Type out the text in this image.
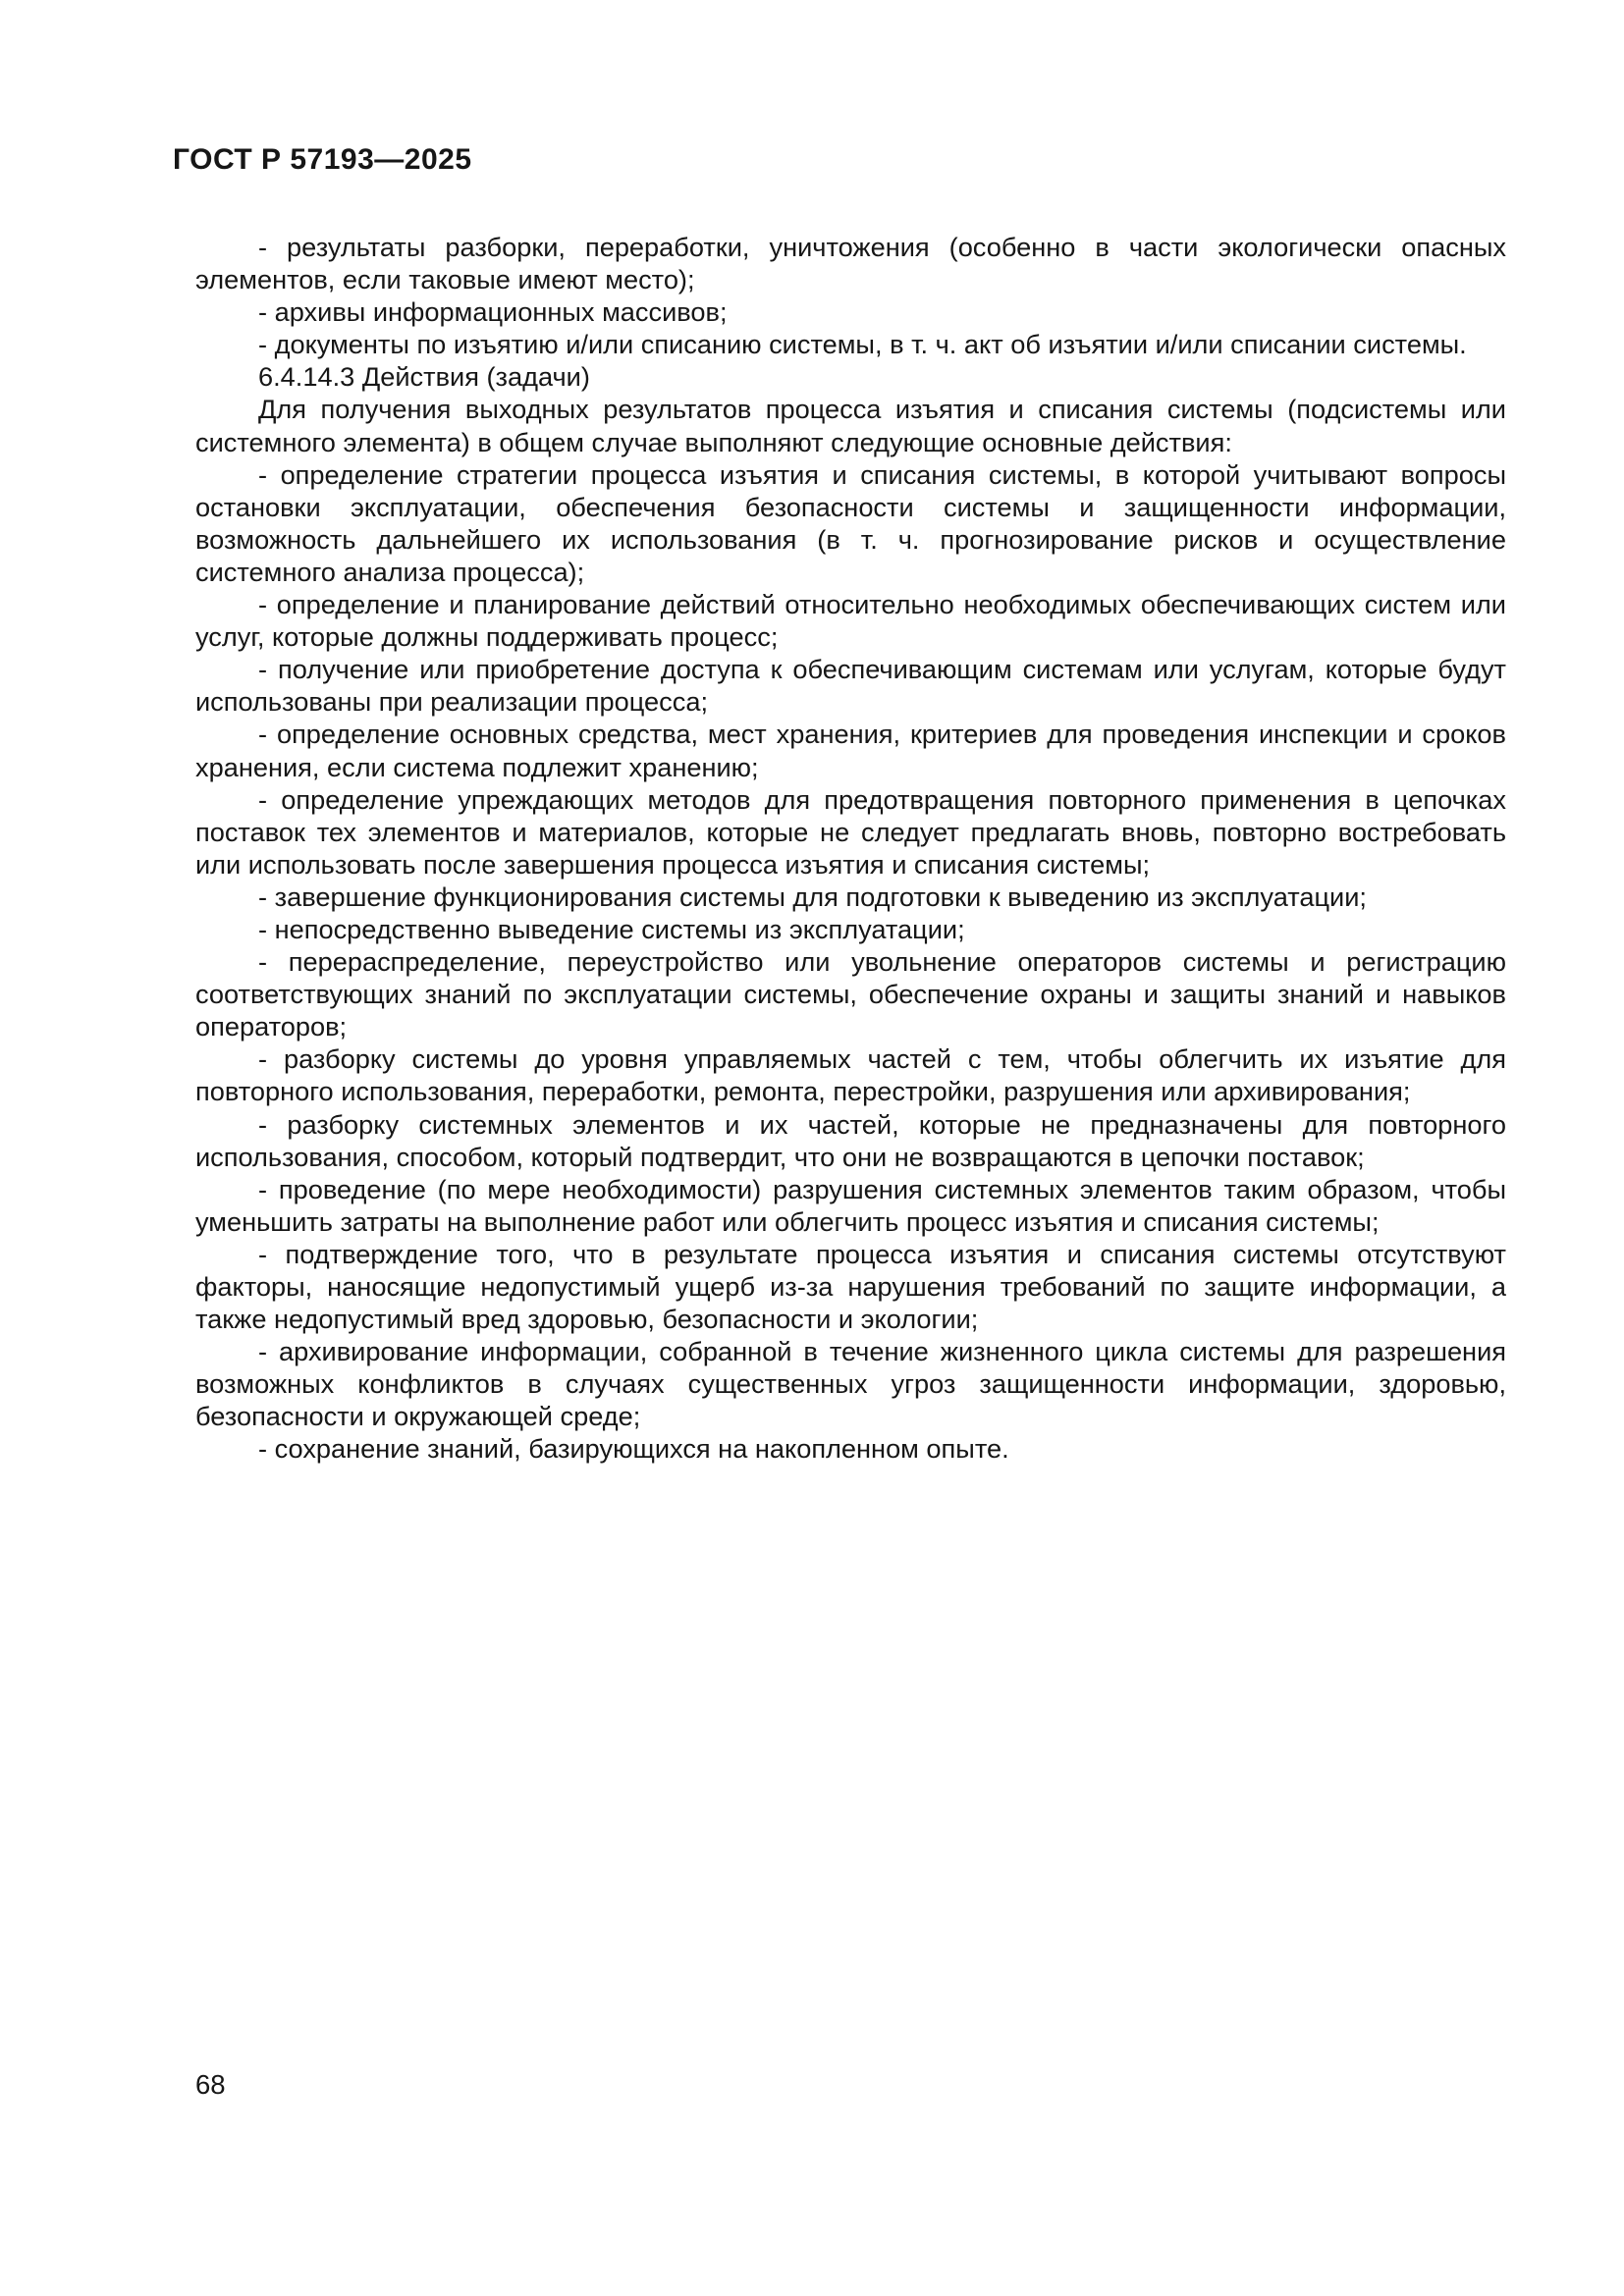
ГОСТ Р 57193—2025

- результаты разборки, переработки, уничтожения (особенно в части экологически опасных элементов, если таковые имеют место);

- архивы информационных массивов;

- документы по изъятию и/или списанию системы, в т. ч. акт об изъятии и/или списании системы.

6.4.14.3 Действия (задачи)

Для получения выходных результатов процесса изъятия и списания системы (подсистемы или системного элемента) в общем случае выполняют следующие основные действия:

- определение стратегии процесса изъятия и списания системы, в которой учитывают вопросы остановки эксплуатации, обеспечения безопасности системы и защищенности информации, возможность дальнейшего их использования (в т. ч. прогнозирование рисков и осуществление системного анализа процесса);

- определение и планирование действий относительно необходимых обеспечивающих систем или услуг, которые должны поддерживать процесс;

- получение или приобретение доступа к обеспечивающим системам или услугам, которые будут использованы при реализации процесса;

- определение основных средства, мест хранения, критериев для проведения инспекции и сроков хранения, если система подлежит хранению;

- определение упреждающих методов для предотвращения повторного применения в цепочках поставок тех элементов и материалов, которые не следует предлагать вновь, повторно востребовать или использовать после завершения процесса изъятия и списания системы;

- завершение функционирования системы для подготовки к выведению из эксплуатации;

- непосредственно выведение системы из эксплуатации;

- перераспределение, переустройство или увольнение операторов системы и регистрацию соответствующих знаний по эксплуатации системы, обеспечение охраны и защиты знаний и навыков операторов;

- разборку системы до уровня управляемых частей с тем, чтобы облегчить их изъятие для повторного использования, переработки, ремонта, перестройки, разрушения или архивирования;

- разборку системных элементов и их частей, которые не предназначены для повторного использования, способом, который подтвердит, что они не возвращаются в цепочки поставок;

- проведение (по мере необходимости) разрушения системных элементов таким образом, чтобы уменьшить затраты на выполнение работ или облегчить процесс изъятия и списания системы;

- подтверждение того, что в результате процесса изъятия и списания системы отсутствуют факторы, наносящие недопустимый ущерб из-за нарушения требований по защите информации, а также недопустимый вред здоровью, безопасности и экологии;

- архивирование информации, собранной в течение жизненного цикла системы для разрешения возможных конфликтов в случаях существенных угроз защищенности информации, здоровью, безопасности и окружающей среде;

- сохранение знаний, базирующихся на накопленном опыте.

68
